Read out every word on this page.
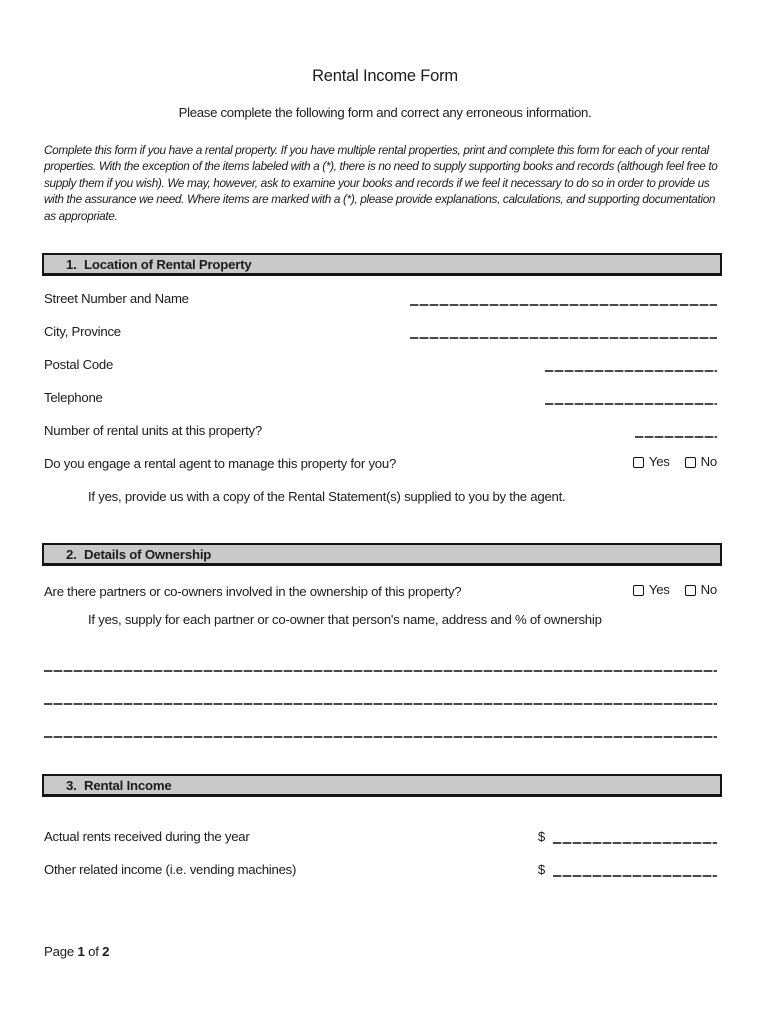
Rental Income Form
Please complete the following form and correct any erroneous information.
Complete this form if you have a rental property. If you have multiple rental properties, print and complete this form for each of your rental properties. With the exception of the items labeled with a (*), there is no need to supply supporting books and records (although feel free to supply them if you wish). We may, however, ask to examine your books and records if we feel it necessary to do so in order to provide us with the assurance we need. Where items are marked with a (*), please provide explanations, calculations, and supporting documentation as appropriate.
1. Location of Rental Property
Street Number and Name
City, Province
Postal Code
Telephone
Number of rental units at this property?
Do you engage a rental agent to manage this property for you?	Yes No
If yes, provide us with a copy of the Rental Statement(s) supplied to you by the agent.
2. Details of Ownership
Are there partners or co-owners involved in the ownership of this property?	Yes No
If yes, supply for each partner or co-owner that person's name, address and % of ownership
3. Rental Income
Actual rents received during the year	$
Other related income (i.e. vending machines)	$
Page 1 of 2
